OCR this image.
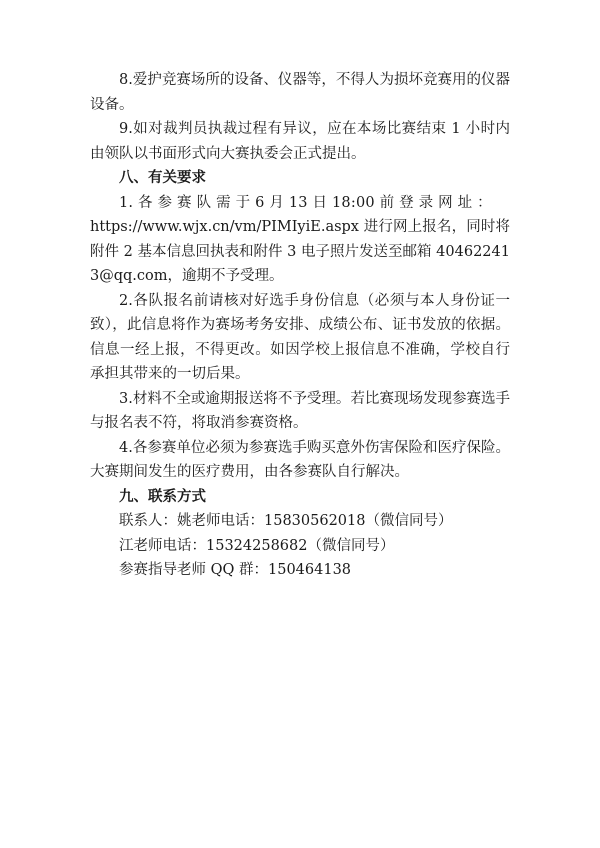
8.爱护竞赛场所的设备、仪器等，不得人为损坏竞赛用的仪器设备。

9.如对裁判员执裁过程有异议，应在本场比赛结束 1 小时内由领队以书面形式向大赛执委会正式提出。

八、有关要求

1. 各 参 赛 队 需 于 6 月 13 日 18:00 前 登 录 网 址 ：

https://www.wjx.cn/vm/PIMIyiE.aspx 进行网上报名，同时将附件 2 基本信息回执表和附件 3 电子照片发送至邮箱 404622413@qq.com，逾期不予受理。

2.各队报名前请核对好选手身份信息（必须与本人身份证一致），此信息将作为赛场考务安排、成绩公布、证书发放的依据。信息一经上报，不得更改。如因学校上报信息不准确，学校自行承担其带来的一切后果。

3.材料不全或逾期报送将不予受理。若比赛现场发现参赛选手与报名表不符，将取消参赛资格。

4.各参赛单位必须为参赛选手购买意外伤害保险和医疗保险。大赛期间发生的医疗费用，由各参赛队自行解决。

九、联系方式

联系人：姚老师电话：15830562018（微信同号）

江老师电话：15324258682（微信同号）

参赛指导老师 QQ 群：150464138
